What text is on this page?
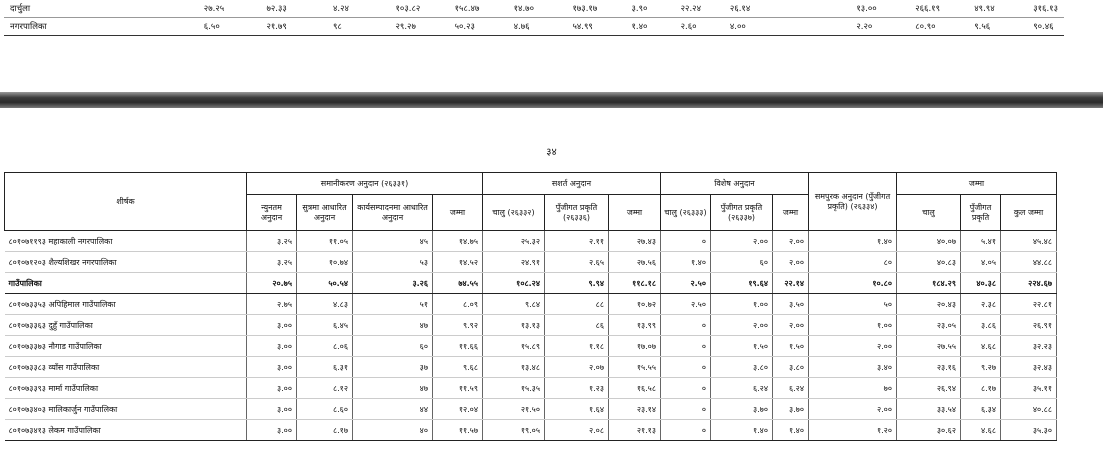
दार्चुला	२७.२५	७२.३३	४.२४	१०३.८२	१५८.४७	१४.७०	१७३.१७	३.९०	२२.२४	२६.१४		१३.००	२६६.१९	४९.९४	३१६.१३
नगरपालिका	६.५०	२१.७९	९८	२९.२७	५०.२३	४.७६	५४.९९	१.४०	२.६०	४.००		२.२०	८०.९०	९.५६	९०.४६
३४
शीर्षक	समानीकरण अनुदान (२६३३१)				सशर्त अनुदान			विशेष अनुदान			समपुरक अनुदान (पुँजीगत प्रकृति) (२६३३४)	जम्मा		
	न्युनतम अनुदान	सुत्रमा आधारित अनुदान	कार्यसम्पादनमा आधारित अनुदान	जम्मा	चालु (२६३३२)	पुँजीगत प्रकृति (२६३३६)	जम्मा	चालु (२६३३३)	पुँजीगत प्रकृति (२६३३७)	जम्मा		चालु	पुँजीगत प्रकृति	कुल जम्मा
८०१०७११९३ महाकाली नगरपालिका	३.२५	११.०५	४५	१४.७५	२५.३२	२.११	२७.४३	०	२.००	२.००	१.४०	४०.०७	५.४१	४५.४८
८०१०७१२०३ शैल्यशिखर नगरपालिका	३.२५	१०.७४	५३	१४.५२	२४.९१	२.६५	२७.५६	१.४०	६०	२.००	८०	४०.८३	४.०५	४४.८८
गाउँपालिका	२०.७५	५०.५४	३.२६	७४.५५	१०८.२४	९.९४	११८.१८	२.५०	१९.६४	२२.१४	१०.८०	१८४.२९	४०.३८	२२४.६७
८०१०७३३५३ अपिहिमाल गाउँपालिका	२.७५	४.८३	५१	८.०९	९.८४	८८	१०.७२	२.५०	१.००	३.५०	५०	२०.४३	२.३८	२२.८१
८०१०७३३६३ दुहुँ गाउँपालिका	३.००	६.४५	४७	९.९२	१३.१३	८६	१३.९९	०	२.००	२.००	१.००	२३.०५	३.८६	२६.९१
८०१०७३३७३ नौगाड गाउँपालिका	३.००	८.०६	६०	११.६६	१५.८९	१.१८	१७.०७	०	१.५०	१.५०	२.००	२७.५५	४.६८	३२.२३
८०१०७३३८३ व्याँस गाउँपालिका	३.००	६.३१	३७	९.६८	१३.४८	२.०७	१५.५५	०	३.८०	३.८०	३.४०	२३.१६	९.२७	३२.४३
८०१०७३३९३ मार्मा गाउँपालिका	३.००	८.१२	४७	११.५९	१५.३५	१.२३	१६.५८	०	६.२४	६.२४	७०	२६.९४	८.१७	३५.११
८०१०७३४०३ मालिकार्जुन गाउँपालिका	३.००	८.६०	४४	१२.०४	२१.५०	१.६४	२३.१४	०	३.७०	३.७०	२.००	३३.५४	६.३४	४०.८८
८०१०७३४१३ लेकम गाउँपालिका	३.००	८.१७	४०	११.५७	१९.०५	२.०८	२१.१३	०	१.४०	१.४०	१.२०	३०.६२	४.६८	३५.३०
